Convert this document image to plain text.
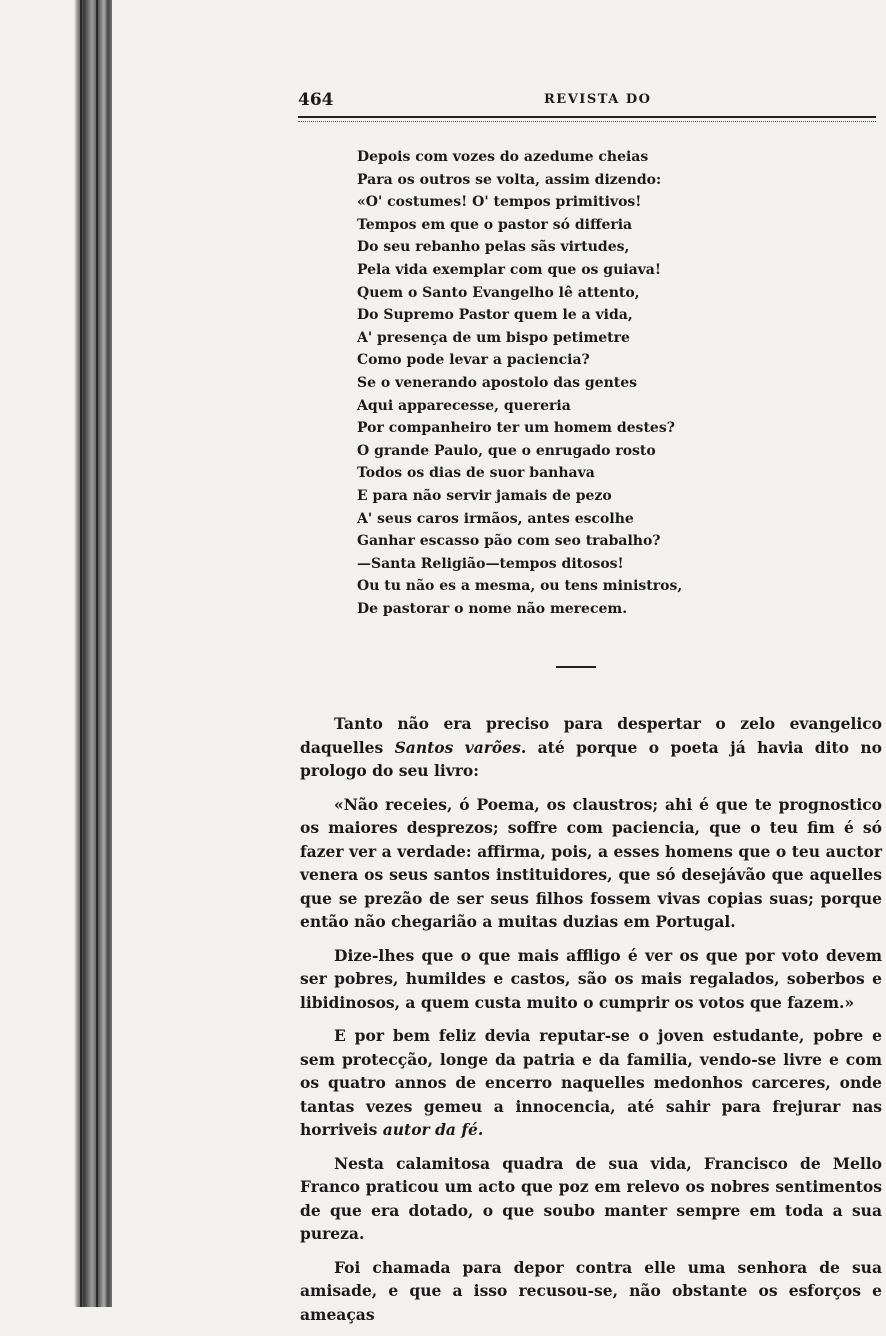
464	REVISTA DO
Depois com vozes do azedume cheias
Para os outros se volta, assim dizendo:
«O' costumes! O' tempos primitivos!
Tempos em que o pastor só differia
Do seu rebanho pelas sãs virtudes,
Pela vida exemplar com que os guiava!
Quem o Santo Evangelho lê attento,
Do Supremo Pastor quem le a vida,
A' presença de um bispo petimetre
Como pode levar a paciencia?
Se o venerando apostolo das gentes
Aqui apparecesse, quereria
Por companheiro ter um homem destes?
O grande Paulo, que o enrugado rosto
Todos os dias de suor banhava
E para não servir jamais de pezo
A' seus caros irmãos, antes escolhe
Ganhar escasso pão com seo trabalho?
—Santa Religião—tempos ditosos!
Ou tu não es a mesma, ou tens ministros,
De pastorar o nome não merecem.

Tanto não era preciso para despertar o zelo evangelico daquelles Santos varões. até porque o poeta já havia dito no prologo do seu livro:

«Não receies, ó Poema, os claustros; ahi é que te prognostico os maiores desprezos; soffre com paciencia, que o teu fim é só fazer ver a verdade: affirma, pois, a esses homens que o teu auctor venera os seus santos instituidores, que só desejávão que aquelles que se prezão de ser seus filhos fossem vivas copias suas; porque então não chegarião a muitas duzias em Portugal.

Dize-lhes que o que mais affligo é ver os que por voto devem ser pobres, humildes e castos, são os mais regalados, soberbos e libidinosos, a quem custa muito o cumprir os votos que fazem.»

E por bem feliz devia reputar-se o joven estudante, pobre e sem protecção, longe da patria e da familia, vendo-se livre e com os quatro annos de encerro naquelles medonhos carceres, onde tantas vezes gemeu a innocencia, até sahir para frejurar nas horriveis autor da fé.

Nesta calamitosa quadra de sua vida, Francisco de Mello Franco praticou um acto que poz em relevo os nobres sentimentos de que era dotado, o que soubo manter sempre em toda a sua pureza.

Foi chamada para depor contra elle uma senhora de sua amisade, e que a isso recusou-se, não obstante os esforços e ameaças
